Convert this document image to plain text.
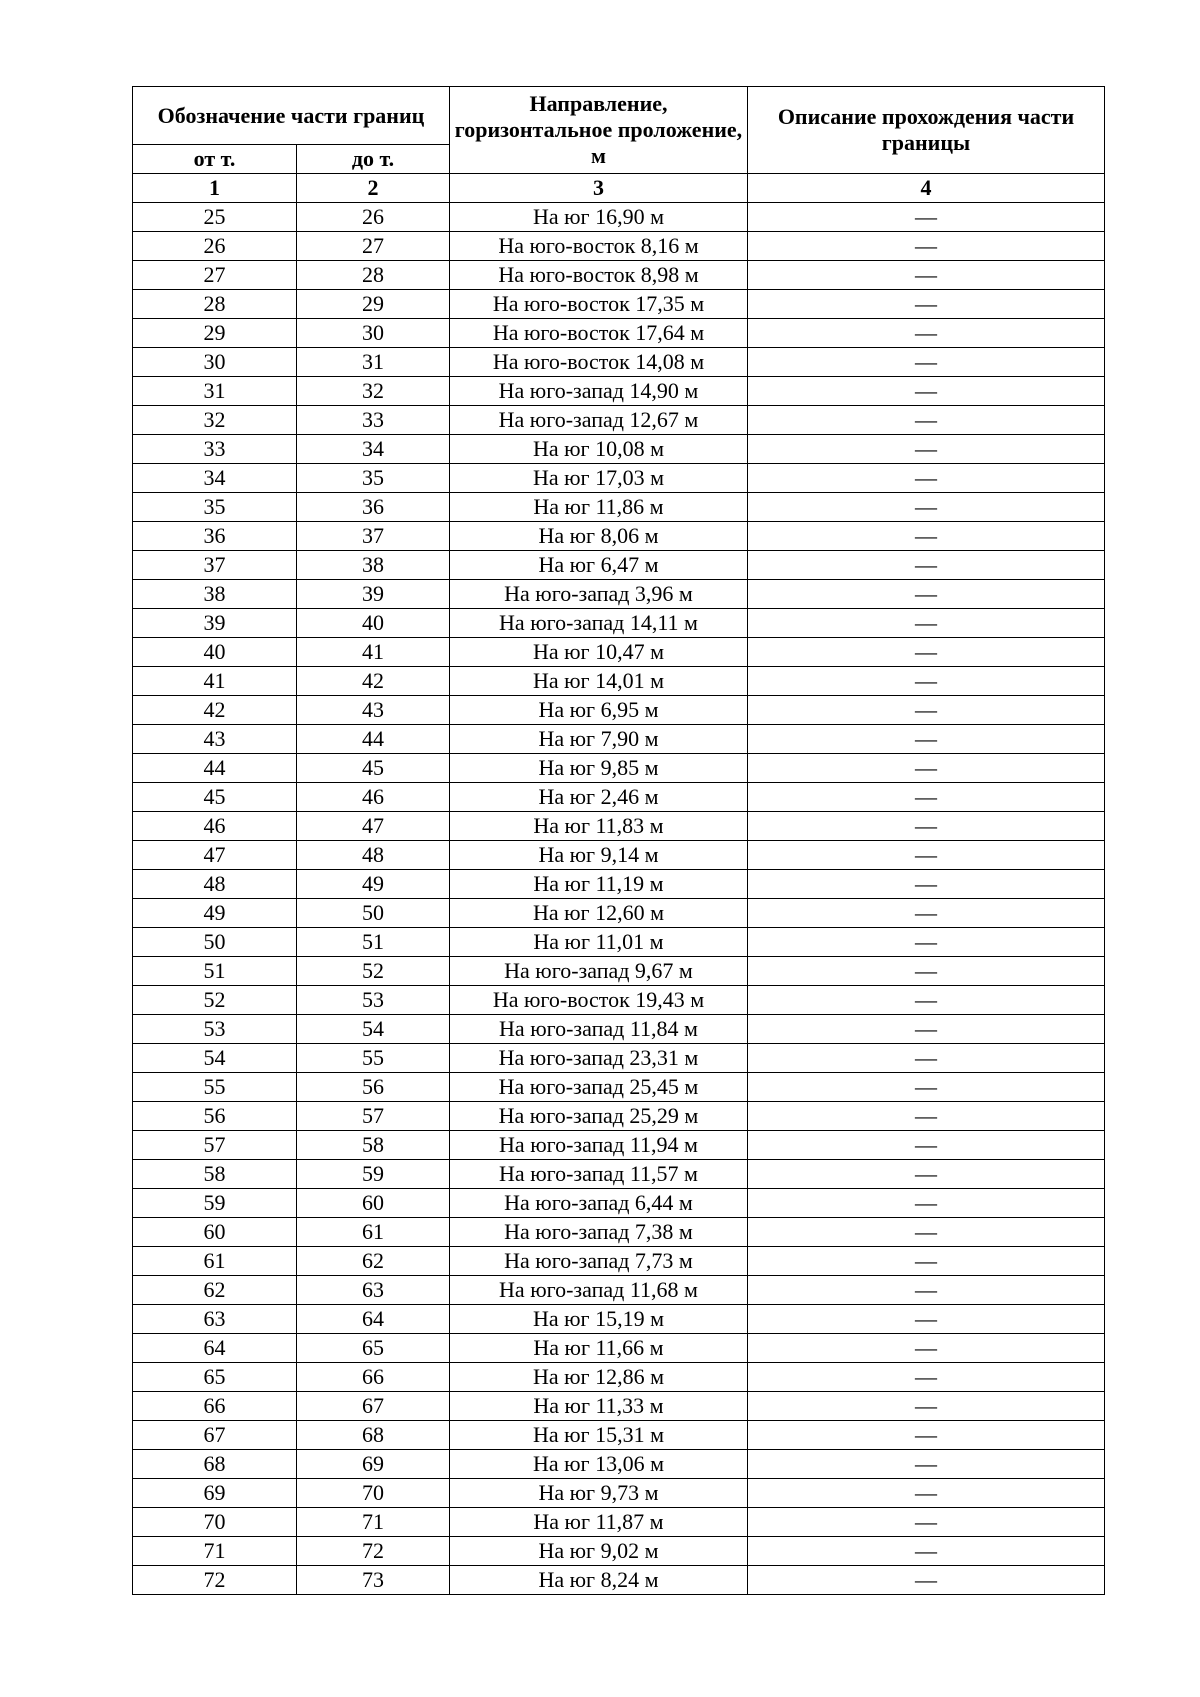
Обозначение части границ		Направление, горизонтальное проложение, м	Описание прохождения части границы
от т.	до т.		
1	2	3	4
25	26	На юг 16,90 м	—
26	27	На юго-восток 8,16 м	—
27	28	На юго-восток 8,98 м	—
28	29	На юго-восток 17,35 м	—
29	30	На юго-восток 17,64 м	—
30	31	На юго-восток 14,08 м	—
31	32	На юго-запад 14,90 м	—
32	33	На юго-запад 12,67 м	—
33	34	На юг 10,08 м	—
34	35	На юг 17,03 м	—
35	36	На юг 11,86 м	—
36	37	На юг 8,06 м	—
37	38	На юг 6,47 м	—
38	39	На юго-запад 3,96 м	—
39	40	На юго-запад 14,11 м	—
40	41	На юг 10,47 м	—
41	42	На юг 14,01 м	—
42	43	На юг 6,95 м	—
43	44	На юг 7,90 м	—
44	45	На юг 9,85 м	—
45	46	На юг 2,46 м	—
46	47	На юг 11,83 м	—
47	48	На юг 9,14 м	—
48	49	На юг 11,19 м	—
49	50	На юг 12,60 м	—
50	51	На юг 11,01 м	—
51	52	На юго-запад 9,67 м	—
52	53	На юго-восток 19,43 м	—
53	54	На юго-запад 11,84 м	—
54	55	На юго-запад 23,31 м	—
55	56	На юго-запад 25,45 м	—
56	57	На юго-запад 25,29 м	—
57	58	На юго-запад 11,94 м	—
58	59	На юго-запад 11,57 м	—
59	60	На юго-запад 6,44 м	—
60	61	На юго-запад 7,38 м	—
61	62	На юго-запад 7,73 м	—
62	63	На юго-запад 11,68 м	—
63	64	На юг 15,19 м	—
64	65	На юг 11,66 м	—
65	66	На юг 12,86 м	—
66	67	На юг 11,33 м	—
67	68	На юг 15,31 м	—
68	69	На юг 13,06 м	—
69	70	На юг 9,73 м	—
70	71	На юг 11,87 м	—
71	72	На юг 9,02 м	—
72	73	На юг 8,24 м	—
